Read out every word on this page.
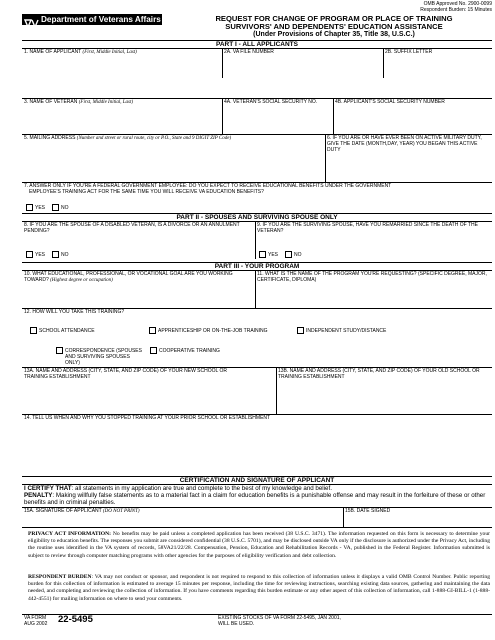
OMB Approved No. 2900-0099
Respondent Burden: 15 Minutes
Department of Veterans Affairs	REQUEST FOR CHANGE OF PROGRAM OR PLACE OF TRAINING
SURVIVORS' AND DEPENDENTS' EDUCATION ASSISTANCE
(Under Provisions of Chapter 35, Title 38, U.S.C.)
PART I - ALL APPLICANTS
1. NAME OF APPLICANT (First, Middle Initial, Last)	2A. VA FILE NUMBER	2B. SUFFIX LETTER
3. NAME OF VETERAN (First, Middle Initial, Last)	4A. VETERAN'S SOCIAL SECURITY NO.	4B. APPLICANT'S SOCIAL SECURITY NUMBER
5. MAILING ADDRESS (Number and street or rural route, city or P.O., State and 9 DIGIT ZIP Code)	6. IF YOU ARE OR HAVE EVER BEEN ON ACTIVE MILITARY DUTY, GIVE THE DATE (MONTH,DAY, YEAR) YOU BEGAN THIS ACTIVE DUTY
7. ANSWER ONLY IF YOU'RE A FEDERAL GOVERNMENT EMPLOYEE: DO YOU EXPECT TO RECEIVE EDUCATIONAL BENEFITS UNDER THE GOVERNMENT
EMPLOYEE'S TRAINING ACT FOR THE SAME TIME YOU WILL RECEIVE VA EDUCATION BENEFITS?
YES	NO
PART II - SPOUSES AND SURVIVING SPOUSE ONLY
8. IF YOU ARE THE SPOUSE OF A DISABLED VETERAN, IS A DIVORCE OR AN ANNULMENT PENDING?
9. IF YOU ARE THE SURVIVING SPOUSE, HAVE YOU REMARRIED SINCE THE DEATH OF THE VETERAN?
YES	NO	YES	NO
PART III - YOUR PROGRAM
10. WHAT EDUCATIONAL, PROFESSIONAL, OR VOCATIONAL GOAL ARE YOU WORKING TOWARD? (Highest degree or occupation)
11. WHAT IS THE NAME OF THE PROGRAM YOU'RE REQUESTING? (SPECIFIC DEGREE, MAJOR, CERTIFICATE, DIPLOMA)
12. HOW WILL YOU TAKE THIS TRAINING?
SCHOOL ATTENDANCE	APPRENTICESHIP OR ON-THE-JOB TRAINING	INDEPENDENT STUDY/DISTANCE
CORRESPONDENCE (SPOUSES AND SURVIVING SPOUSES ONLY)
COOPERATIVE TRAINING
13A. NAME AND ADDRESS (CITY, STATE, AND ZIP CODE) OF YOUR NEW SCHOOL OR TRAINING ESTABLISHMENT
13B. NAME AND ADDRESS (CITY, STATE, AND ZIP CODE) OF YOUR OLD SCHOOL OR TRAINING ESTABLISHMENT
14. TELL US WHEN AND WHY YOU STOPPED TRAINING AT YOUR PRIOR SCHOOL OR ESTABLISHMENT
CERTIFICATION AND SIGNATURE OF APPLICANT
I CERTIFY THAT: all statements in my application are true and complete to the best of my knowledge and belief.
PENALTY: Making willfully false statements as to a material fact in a claim for education benefits is a punishable offense and may result in the forfeiture of these or other benefits and in criminal penalties.
15A. SIGNATURE OF APPLICANT (DO NOT PRINT)	15B. DATE SIGNED
PRIVACY ACT INFORMATION: No benefits may be paid unless a completed application has been received (38 U.S.C. 3471). The information requested on this form is necessary to determine your eligibility to education benefits. The responses you submit are considered confidential (38 U.S.C. 5701), and may be disclosed outside VA only if the disclosure is authorized under the Privacy Act, including the routine uses identified in the VA system of records, 58VA21/22/28. Compensation, Pension, Education and Rehabilitation Records - VA, published in the Federal Register. Information submitted is subject to review through computer matching programs with other agencies for the purposes of eligibility verification and debt collection.
RESPONDENT BURDEN: VA may not conduct or sponsor, and respondent is not required to respond to this collection of information unless it displays a valid OMB Control Number. Public reporting burden for this collection of information is estimated to average 15 minutes per response, including the time for reviewing instructions, searching existing data sources, gathering and maintaining the data needed, and completing and reviewing the collection of information. If you have comments regarding this burden estimate or any other aspect of this collection of information, call 1-888-GI-BILL-1 (1-888-442-4551) for mailing information on where to send your comments.
VA FORM
AUG 2002 22-5495	EXISTING STOCKS OF VA FORM 22-5495, JAN 2001,
WILL BE USED.
